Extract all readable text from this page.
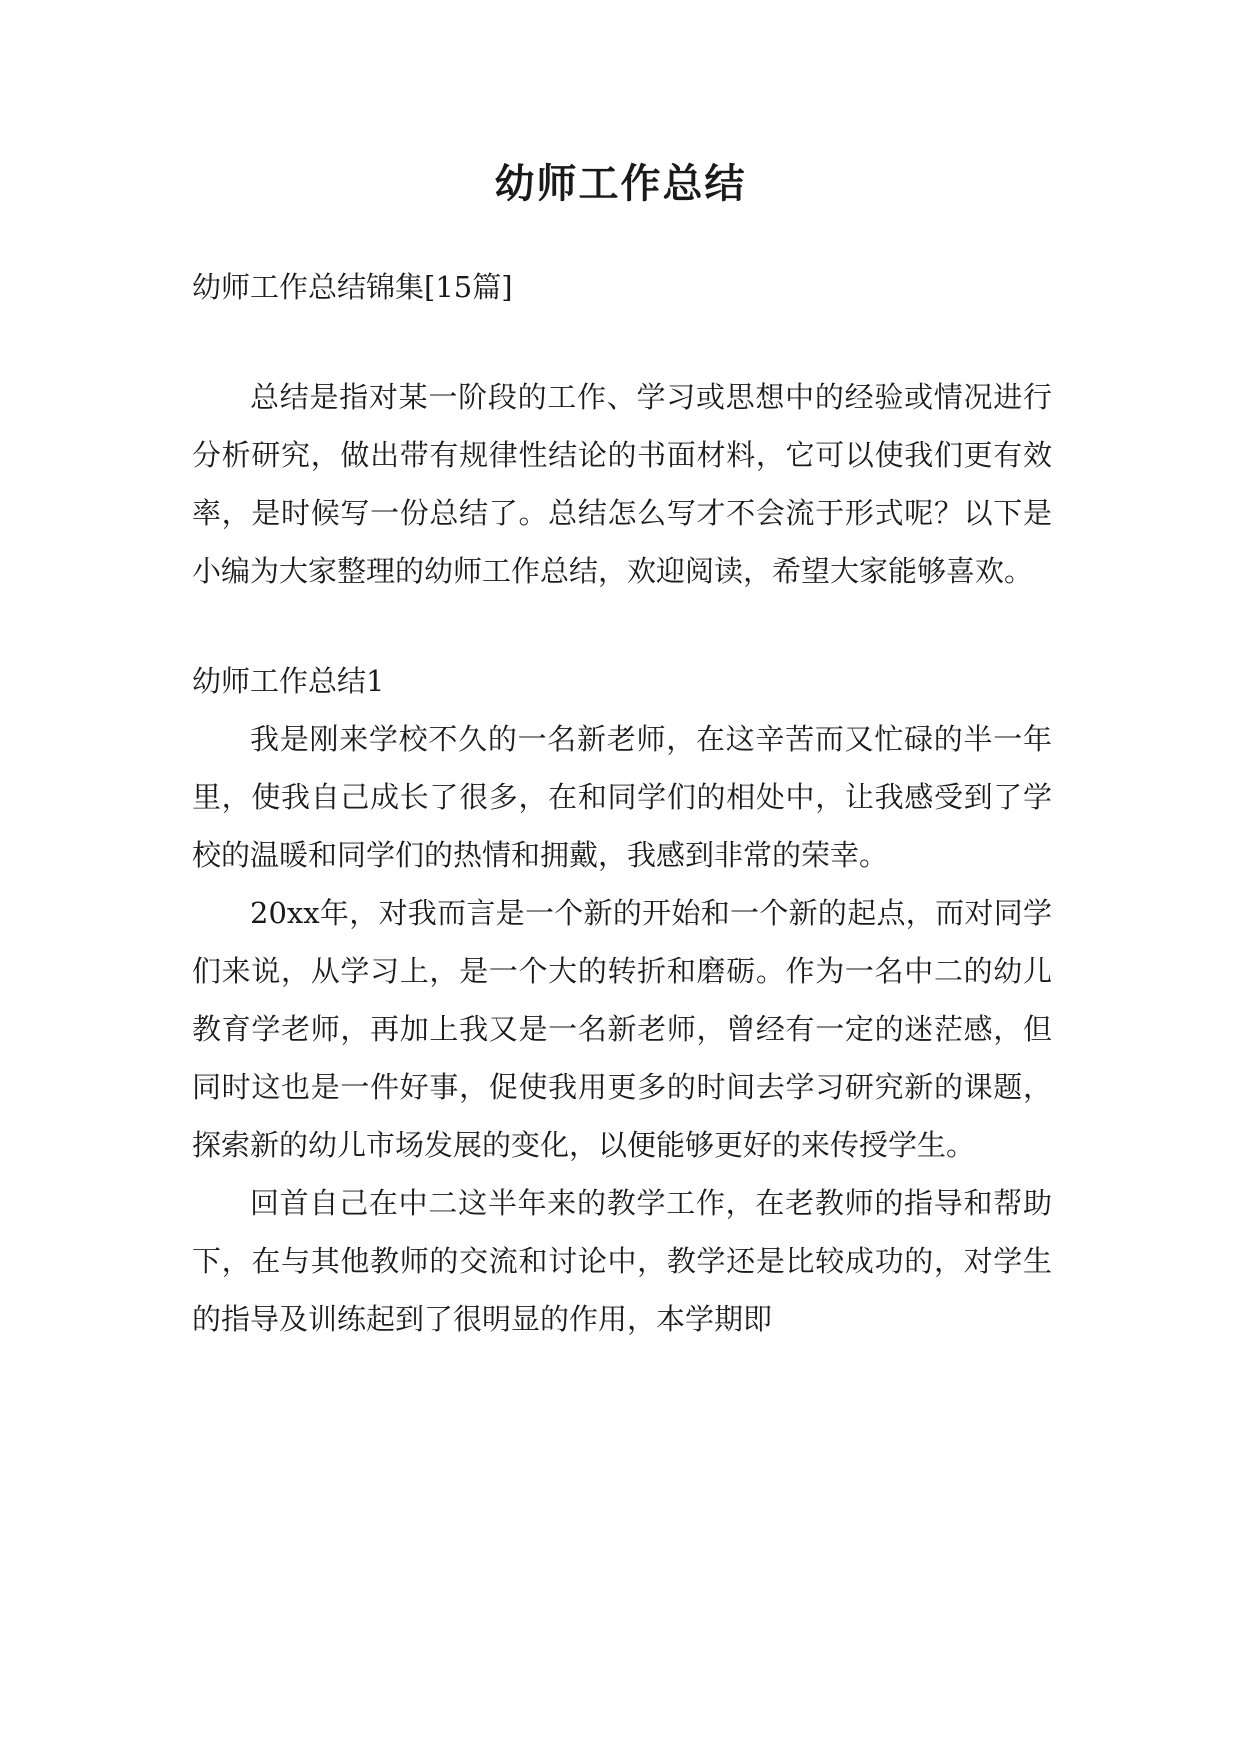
幼师工作总结

幼师工作总结锦集[15篇]

总结是指对某一阶段的工作、学习或思想中的经验或情况进行分析研究，做出带有规律性结论的书面材料，它可以使我们更有效率，是时候写一份总结了。总结怎么写才不会流于形式呢？以下是小编为大家整理的幼师工作总结，欢迎阅读，希望大家能够喜欢。

幼师工作总结1

我是刚来学校不久的一名新老师，在这辛苦而又忙碌的半一年里，使我自己成长了很多，在和同学们的相处中，让我感受到了学校的温暖和同学们的热情和拥戴，我感到非常的荣幸。

20xx年，对我而言是一个新的开始和一个新的起点，而对同学们来说，从学习上，是一个大的转折和磨砺。作为一名中二的幼儿教育学老师，再加上我又是一名新老师，曾经有一定的迷茫感，但同时这也是一件好事，促使我用更多的时间去学习研究新的课题，探索新的幼儿市场发展的变化，以便能够更好的来传授学生。

回首自己在中二这半年来的教学工作，在老教师的指导和帮助下，在与其他教师的交流和讨论中，教学还是比较成功的，对学生的指导及训练起到了很明显的作用，本学期即
